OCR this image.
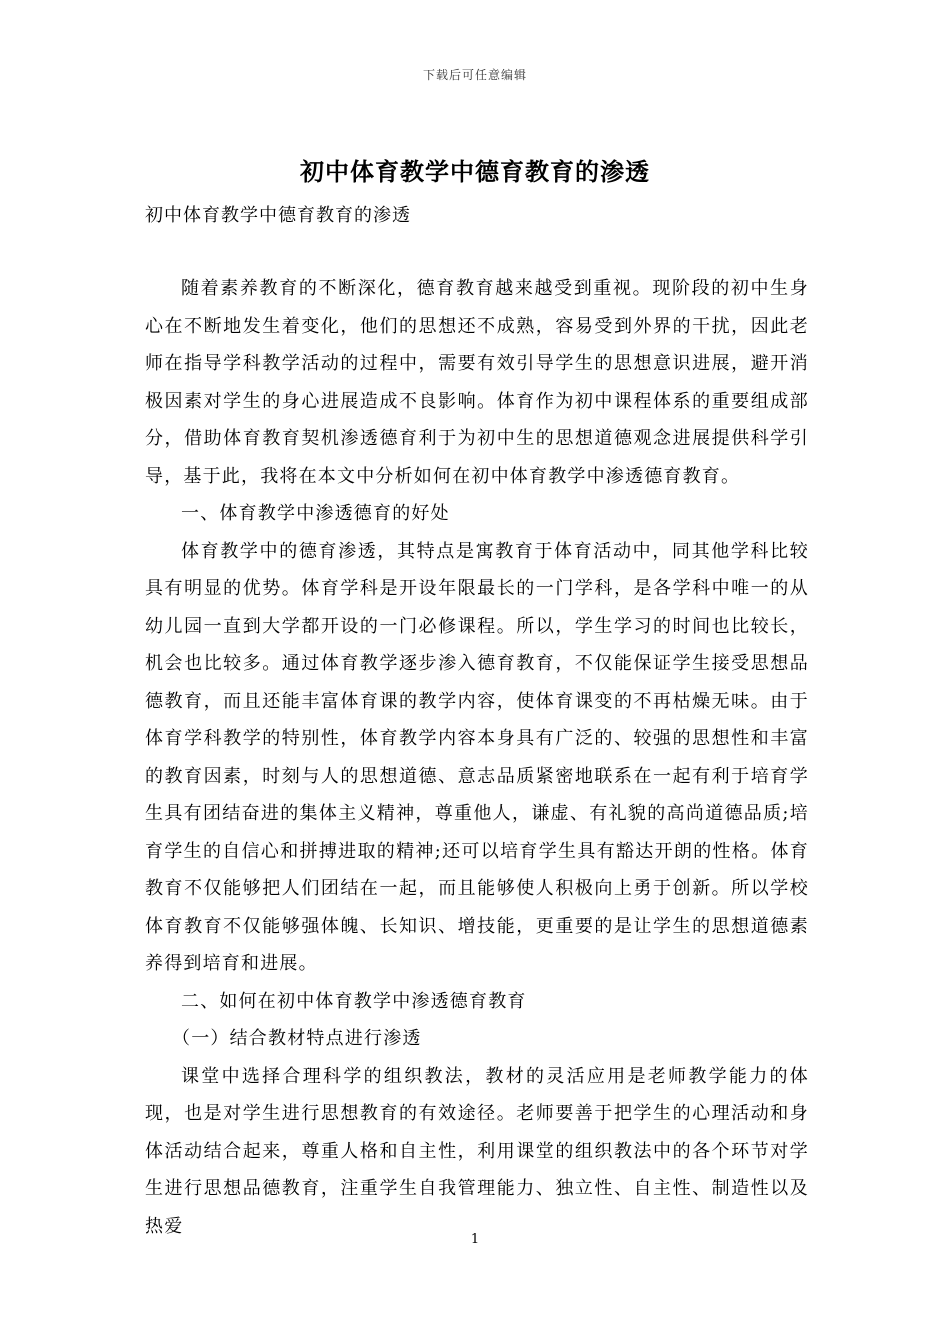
下载后可任意编辑
初中体育教学中德育教育的渗透
初中体育教学中德育教育的渗透

随着素养教育的不断深化，德育教育越来越受到重视。现阶段的初中生身心在不断地发生着变化，他们的思想还不成熟，容易受到外界的干扰，因此老师在指导学科教学活动的过程中，需要有效引导学生的思想意识进展，避开消极因素对学生的身心进展造成不良影响。体育作为初中课程体系的重要组成部分，借助体育教育契机渗透德育利于为初中生的思想道德观念进展提供科学引导，基于此，我将在本文中分析如何在初中体育教学中渗透德育教育。

一、体育教学中渗透德育的好处

体育教学中的德育渗透，其特点是寓教育于体育活动中，同其他学科比较具有明显的优势。体育学科是开设年限最长的一门学科，是各学科中唯一的从幼儿园一直到大学都开设的一门必修课程。所以，学生学习的时间也比较长，机会也比较多。通过体育教学逐步渗入德育教育，不仅能保证学生接受思想品德教育，而且还能丰富体育课的教学内容，使体育课变的不再枯燥无味。由于体育学科教学的特别性，体育教学内容本身具有广泛的、较强的思想性和丰富的教育因素，时刻与人的思想道德、意志品质紧密地联系在一起有利于培育学生具有团结奋进的集体主义精神，尊重他人，谦虚、有礼貌的高尚道德品质;培育学生的自信心和拼搏进取的精神;还可以培育学生具有豁达开朗的性格。体育教育不仅能够把人们团结在一起，而且能够使人积极向上勇于创新。所以学校体育教育不仅能够强体魄、长知识、增技能，更重要的是让学生的思想道德素养得到培育和进展。

二、如何在初中体育教学中渗透德育教育

（一）结合教材特点进行渗透

课堂中选择合理科学的组织教法，教材的灵活应用是老师教学能力的体现，也是对学生进行思想教育的有效途径。老师要善于把学生的心理活动和身体活动结合起来，尊重人格和自主性，利用课堂的组织教法中的各个环节对学生进行思想品德教育，注重学生自我管理能力、独立性、自主性、制造性以及热爱

1
